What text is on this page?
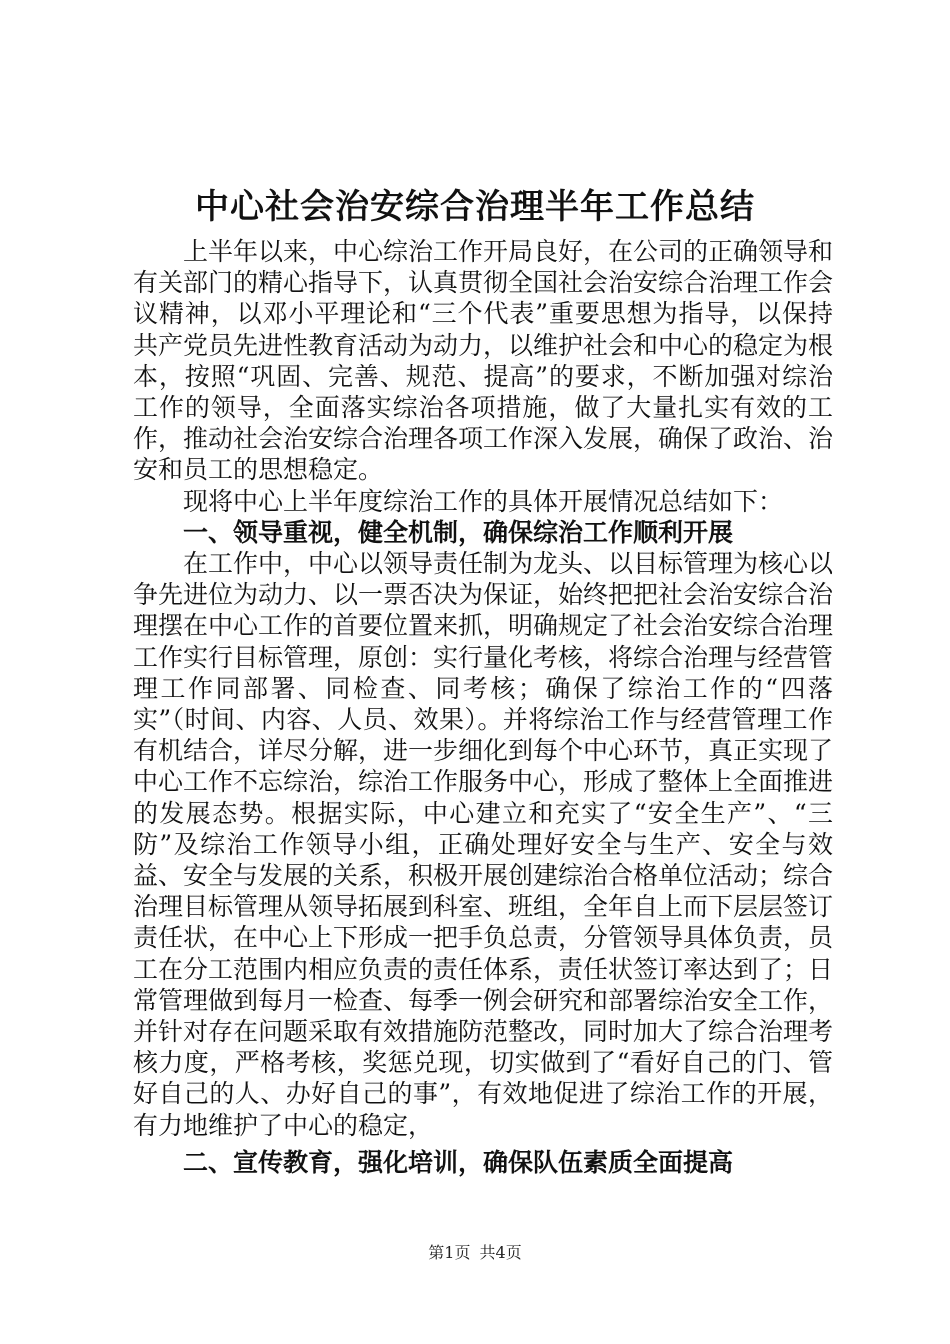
中心社会治安综合治理半年工作总结

上半年以来，中心综治工作开局良好，在公司的正确领导和有关部门的精心指导下，认真贯彻全国社会治安综合治理工作会议精神，以邓小平理论和“三个代表”重要思想为指导，以保持共产党员先进性教育活动为动力，以维护社会和中心的稳定为根本，按照“巩固、完善、规范、提高”的要求，不断加强对综治工作的领导，全面落实综治各项措施，做了大量扎实有效的工作，推动社会治安综合治理各项工作深入发展，确保了政治、治安和员工的思想稳定。

现将中心上半年度综治工作的具体开展情况总结如下：

一、领导重视，健全机制，确保综治工作顺利开展

在工作中，中心以领导责任制为龙头、以目标管理为核心以争先进位为动力、以一票否决为保证，始终把把社会治安综合治理摆在中心工作的首要位置来抓，明确规定了社会治安综合治理工作实行目标管理，原创：实行量化考核，将综合治理与经营管理工作同部署、同检查、同考核；确保了综治工作的“四落实”（时间、内容、人员、效果）。并将综治工作与经营管理工作有机结合，详尽分解，进一步细化到每个中心环节，真正实现了中心工作不忘综治，综治工作服务中心，形成了整体上全面推进的发展态势。根据实际，中心建立和充实了“安全生产”、“三防”及综治工作领导小组，正确处理好安全与生产、安全与效益、安全与发展的关系，积极开展创建综治合格单位活动；综合治理目标管理从领导拓展到科室、班组，全年自上而下层层签订责任状，在中心上下形成一把手负总责，分管领导具体负责，员工在分工范围内相应负责的责任体系，责任状签订率达到了；日常管理做到每月一检查、每季一例会研究和部署综治安全工作，并针对存在问题采取有效措施防范整改，同时加大了综合治理考核力度，严格考核，奖惩兑现，切实做到了“看好自己的门、管好自己的人、办好自己的事”，有效地促进了综治工作的开展，有力地维护了中心的稳定，

二、宣传教育，强化培训，确保队伍素质全面提高

第1页 共4页
